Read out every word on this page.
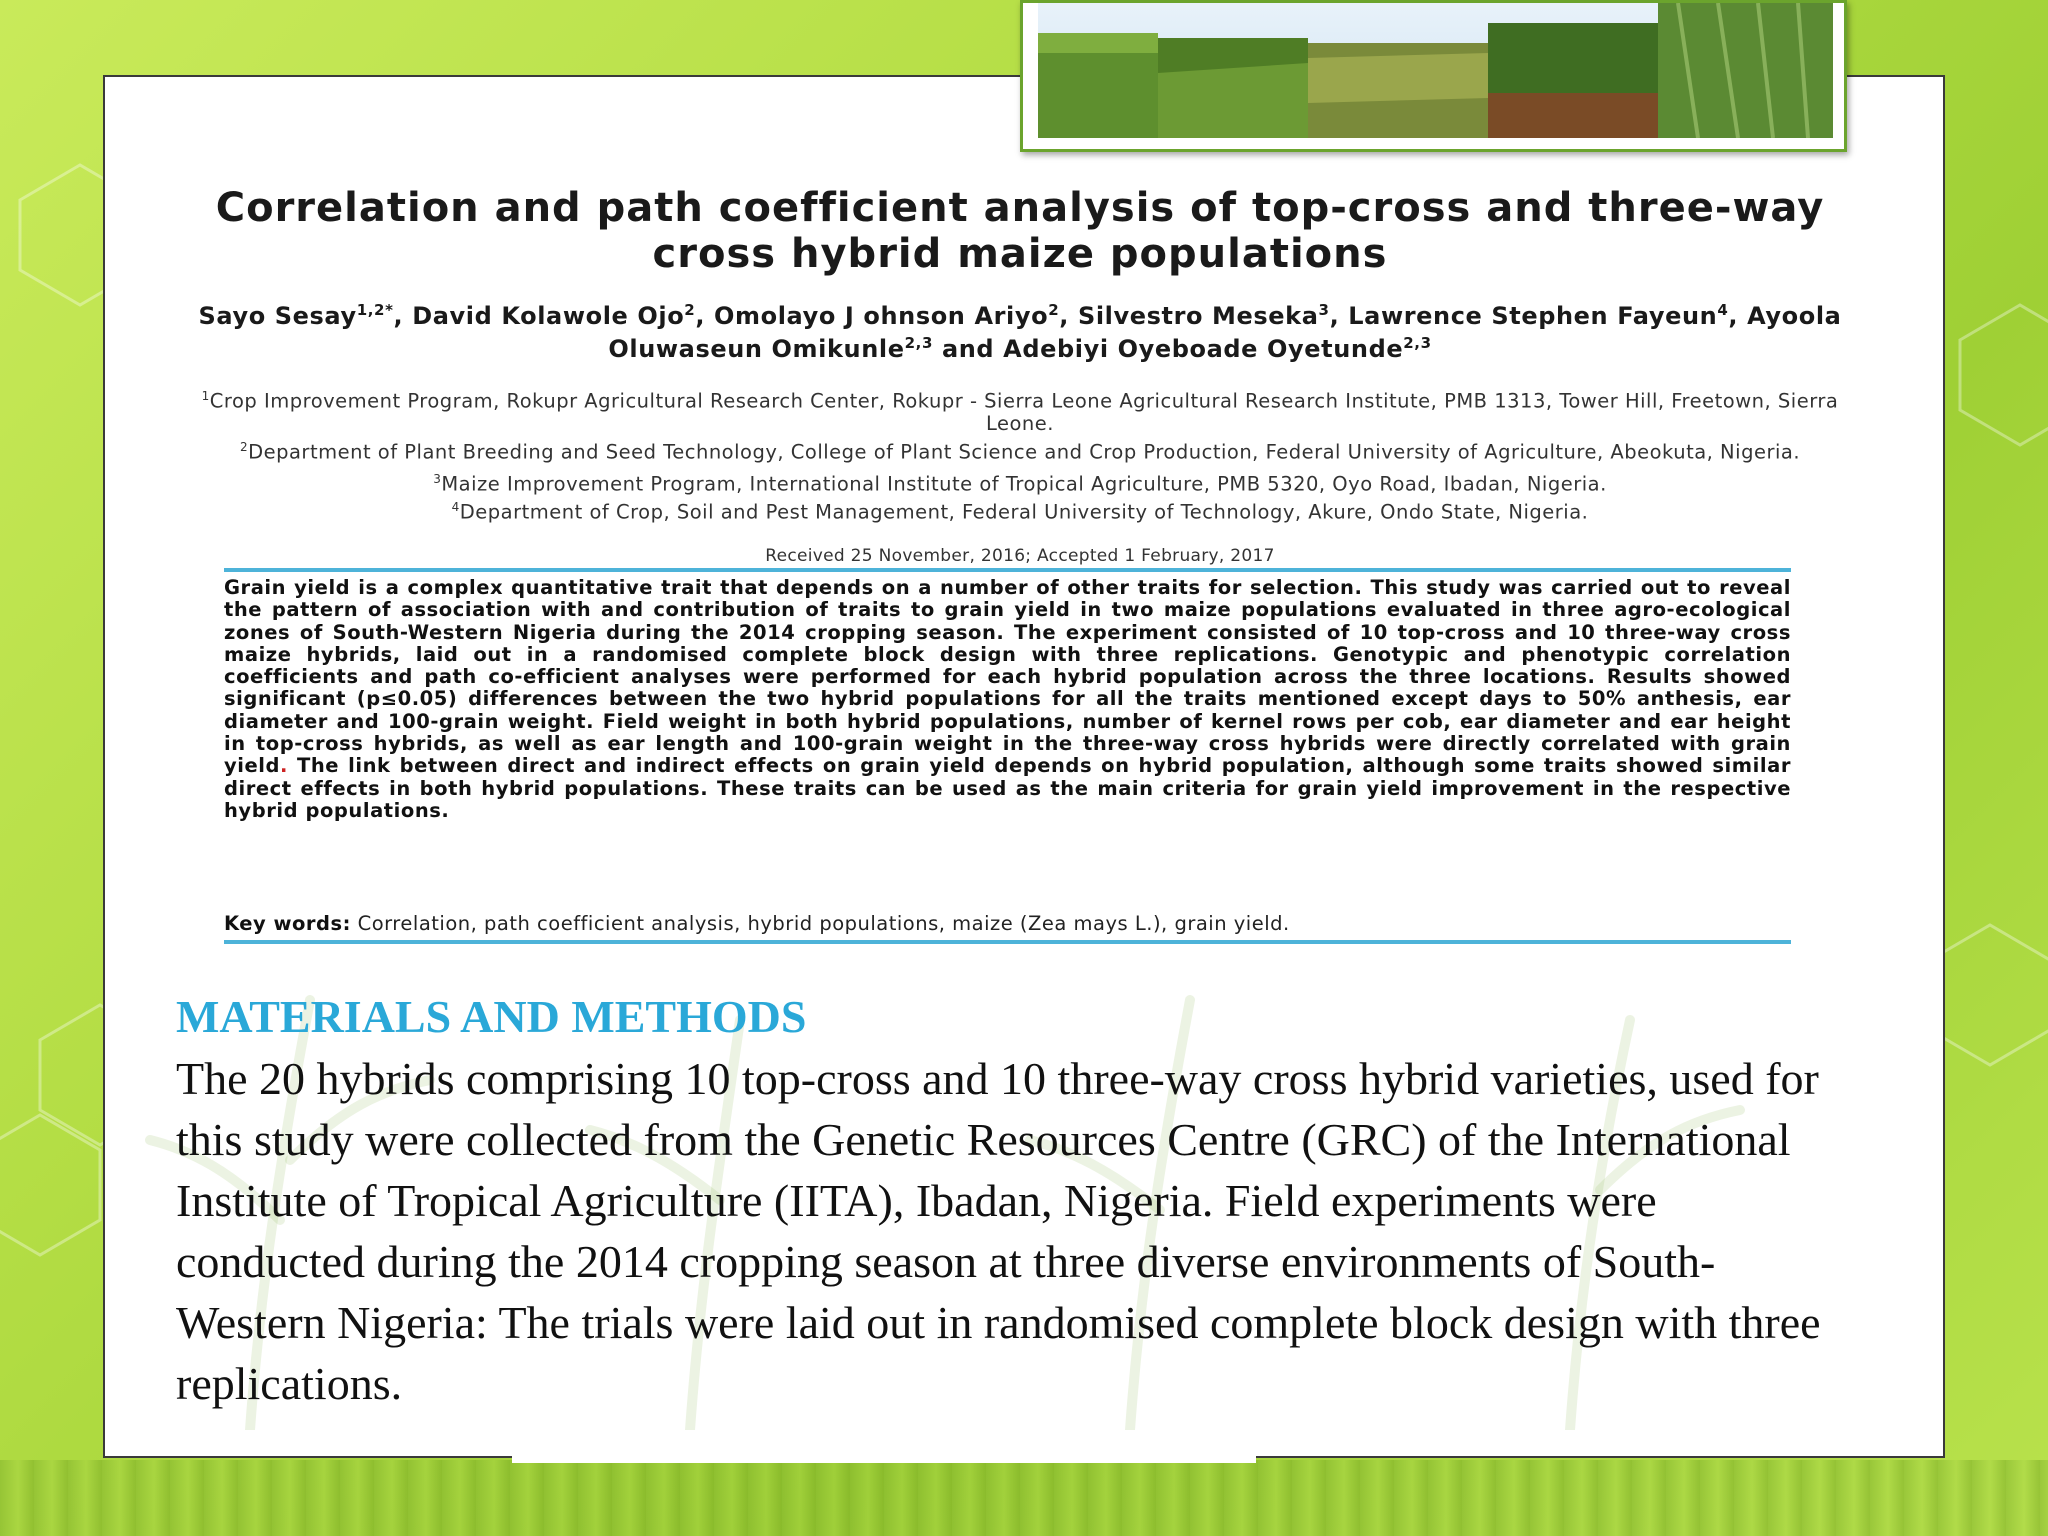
Correlation and path coefficient analysis of top-cross and three-way cross hybrid maize populations
Sayo Sesay$^{1,2*}$, David Kolawole Ojo$^2$, Omolayo J ohnson Ariyo$^2$, Silvestro Meseka$^3$, Lawrence Stephen Fayeun$^4$, Ayoola Oluwaseun Omikunle$^{2,3}$ and Adebiyi Oyeboade Oyetunde$^{2,3}$
$^1$Crop Improvement Program, Rokupr Agricultural Research Center, Rokupr - Sierra Leone Agricultural Research Institute, PMB 1313, Tower Hill, Freetown, Sierra Leone.
$^2$Department of Plant Breeding and Seed Technology, College of Plant Science and Crop Production, Federal University of Agriculture, Abeokuta, Nigeria.
$^3$Maize Improvement Program, International Institute of Tropical Agriculture, PMB 5320, Oyo Road, Ibadan, Nigeria.
$^4$Department of Crop, Soil and Pest Management, Federal University of Technology, Akure, Ondo State, Nigeria.
Received 25 November, 2016; Accepted 1 February, 2017
Grain yield is a complex quantitative trait that depends on a number of other traits for selection. This study was carried out to reveal the pattern of association with and contribution of traits to grain yield in two maize populations evaluated in three agro-ecological zones of South-Western Nigeria during the 2014 cropping season. The experiment consisted of 10 top-cross and 10 three-way cross maize hybrids, laid out in a randomised complete block design with three replications. Genotypic and phenotypic correlation coefficients and path co-efficient analyses were performed for each hybrid population across the three locations. Results showed significant (p≤0.05) differences between the two hybrid populations for all the traits mentioned except days to 50% anthesis, ear diameter and 100-grain weight. Field weight in both hybrid populations, number of kernel rows per cob, ear diameter and ear height in top-cross hybrids, as well as ear length and 100-grain weight in the three-way cross hybrids were directly correlated with grain yield. The link between direct and indirect effects on grain yield depends on hybrid population, although some traits showed similar direct effects in both hybrid populations. These traits can be used as the main criteria for grain yield improvement in the respective hybrid populations.
Key words: Correlation, path coefficient analysis, hybrid populations, maize (Zea mays L.), grain yield.
MATERIALS AND METHODS

The 20 hybrids comprising 10 top-cross and 10 three-way cross hybrid varieties, used for this study were collected from the Genetic Resources Centre (GRC) of the International Institute of Tropical Agriculture (IITA), Ibadan, Nigeria. Field experiments were conducted during the 2014 cropping season at three diverse environments of South-Western Nigeria: The trials were laid out in randomised complete block design with three replications.
